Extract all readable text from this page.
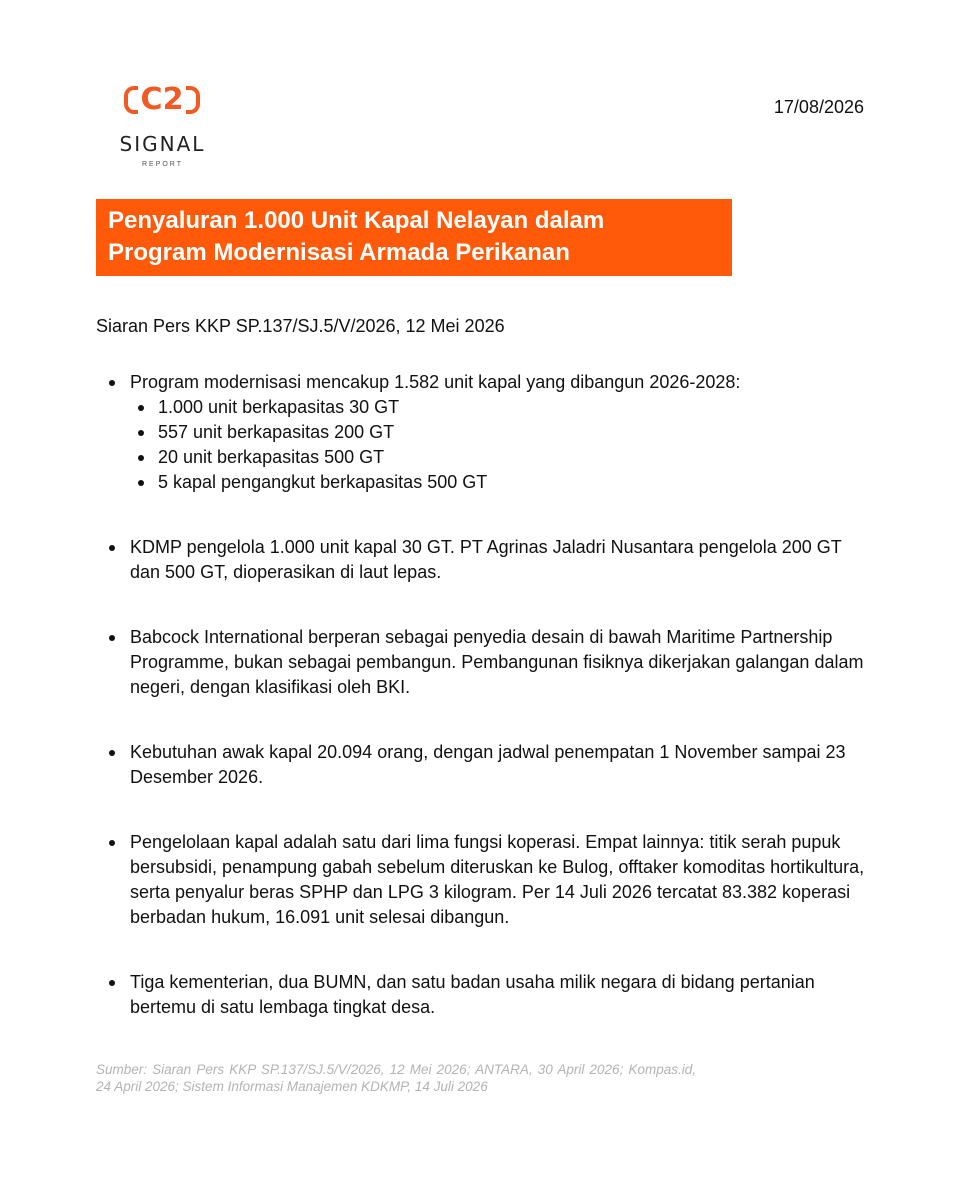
C2
SIGNAL
REPORT
17/08/2026
Penyaluran 1.000 Unit Kapal Nelayan dalam
Program Modernisasi Armada Perikanan
Siaran Pers KKP SP.137/SJ.5/V/2026, 12 Mei 2026
Program modernisasi mencakup 1.582 unit kapal yang dibangun 2026-2028:
1.000 unit berkapasitas 30 GT
557 unit berkapasitas 200 GT
20 unit berkapasitas 500 GT
5 kapal pengangkut berkapasitas 500 GT
KDMP pengelola 1.000 unit kapal 30 GT. PT Agrinas Jaladri Nusantara pengelola 200 GT dan 500 GT, dioperasikan di laut lepas.
Babcock International berperan sebagai penyedia desain di bawah Maritime Partnership Programme, bukan sebagai pembangun. Pembangunan fisiknya dikerjakan galangan dalam negeri, dengan klasifikasi oleh BKI.
Kebutuhan awak kapal 20.094 orang, dengan jadwal penempatan 1 November sampai 23 Desember 2026.
Pengelolaan kapal adalah satu dari lima fungsi koperasi. Empat lainnya: titik serah pupuk bersubsidi, penampung gabah sebelum diteruskan ke Bulog, offtaker komoditas hortikultura, serta penyalur beras SPHP dan LPG 3 kilogram. Per 14 Juli 2026 tercatat 83.382 koperasi berbadan hukum, 16.091 unit selesai dibangun.
Tiga kementerian, dua BUMN, dan satu badan usaha milik negara di bidang pertanian bertemu di satu lembaga tingkat desa.
Sumber: Siaran Pers KKP SP.137/SJ.5/V/2026, 12 Mei 2026; ANTARA, 30 April 2026; Kompas.id, 24 April 2026; Sistem Informasi Manajemen KDKMP, 14 Juli 2026
